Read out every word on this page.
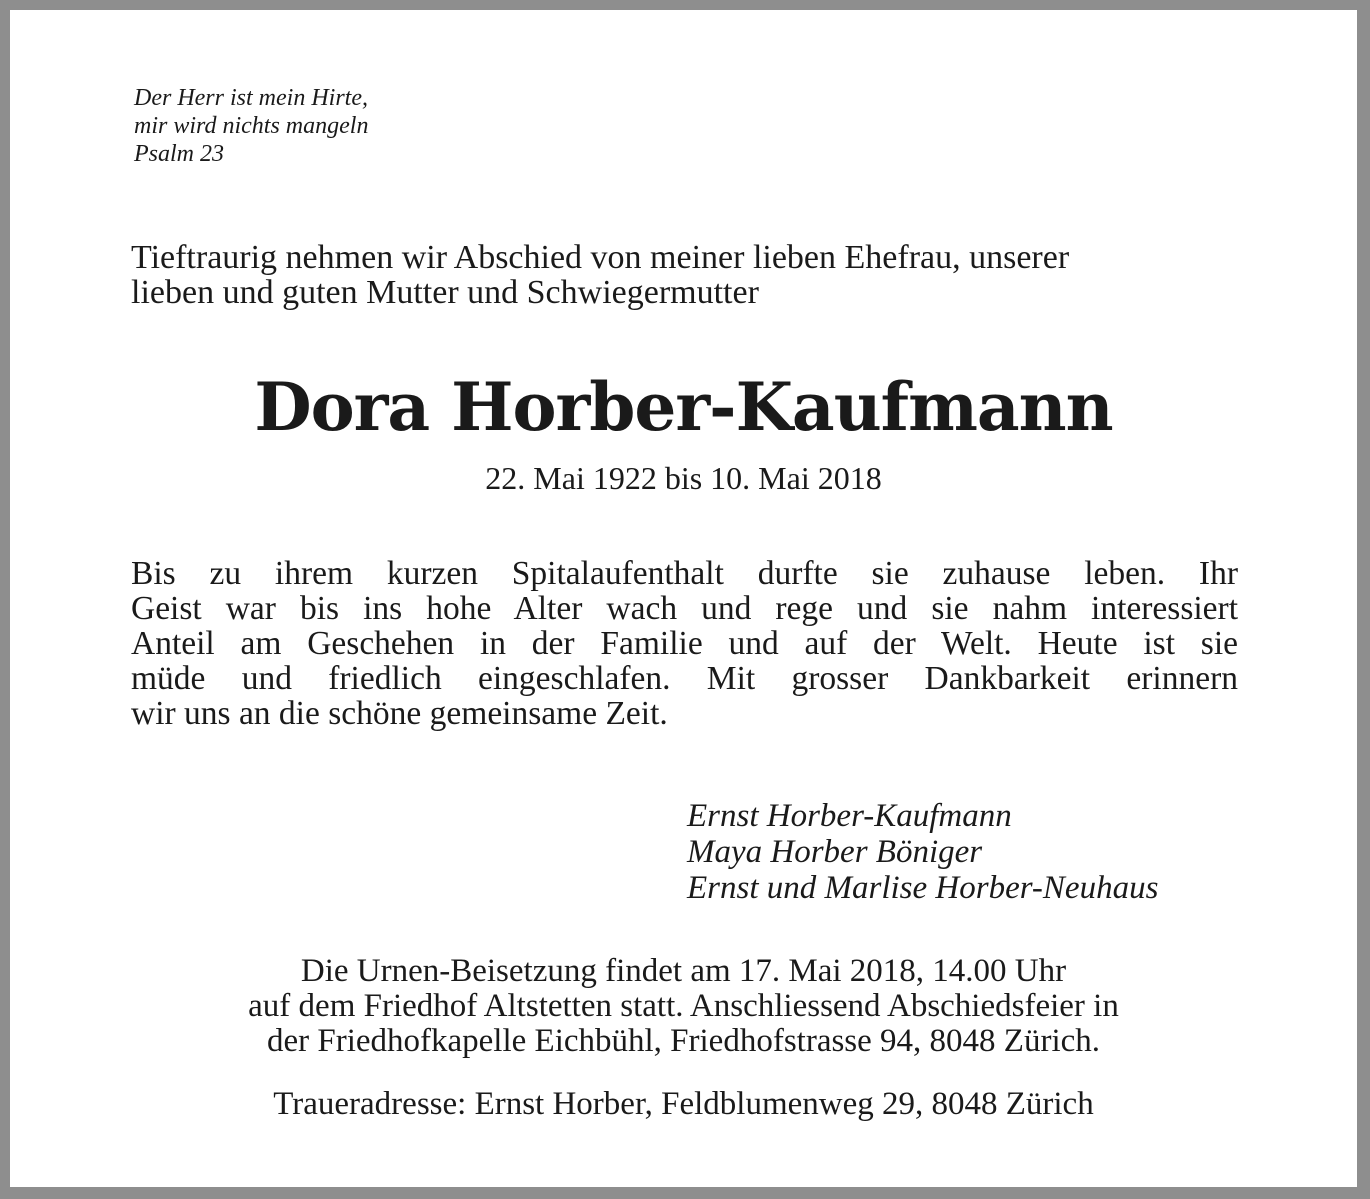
Der Herr ist mein Hirte,
mir wird nichts mangeln
Psalm 23
Tieftraurig nehmen wir Abschied von meiner lieben Ehefrau, unserer
lieben und guten Mutter und Schwiegermutter
Dora Horber-Kaufmann
22. Mai 1922 bis 10. Mai 2018
Bis zu ihrem kurzen Spitalaufenthalt durfte sie zuhause leben. Ihr
Geist war bis ins hohe Alter wach und rege und sie nahm interessiert
Anteil am Geschehen in der Familie und auf der Welt. Heute ist sie
müde und friedlich eingeschlafen. Mit grosser Dankbarkeit erinnern
wir uns an die schöne gemeinsame Zeit.
Ernst Horber-Kaufmann
Maya Horber Böniger
Ernst und Marlise Horber-Neuhaus
Die Urnen-Beisetzung findet am 17. Mai 2018, 14.00 Uhr
auf dem Friedhof Altstetten statt. Anschliessend Abschiedsfeier in
der Friedhofkapelle Eichbühl, Friedhofstrasse 94, 8048 Zürich.
Traueradresse: Ernst Horber, Feldblumenweg 29, 8048 Zürich
